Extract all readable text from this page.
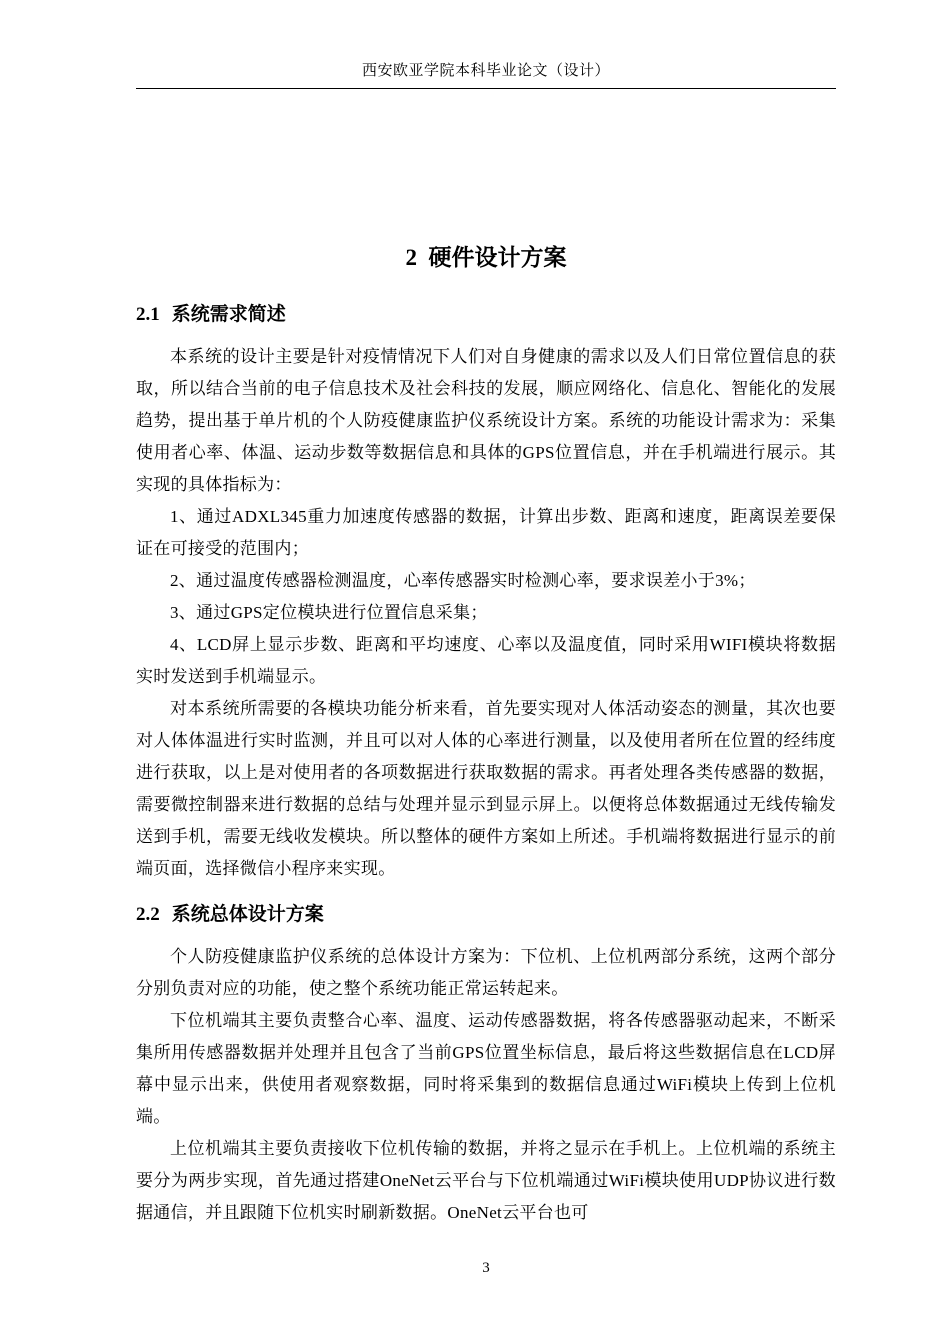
西安欧亚学院本科毕业论文（设计）
2 硬件设计方案
2.1 系统需求简述

本系统的设计主要是针对疫情情况下人们对自身健康的需求以及人们日常位置信息的获取，所以结合当前的电子信息技术及社会科技的发展，顺应网络化、信息化、智能化的发展趋势，提出基于单片机的个人防疫健康监护仪系统设计方案。系统的功能设计需求为：采集使用者心率、体温、运动步数等数据信息和具体的GPS位置信息，并在手机端进行展示。其实现的具体指标为：

1、通过ADXL345重力加速度传感器的数据，计算出步数、距离和速度，距离误差要保证在可接受的范围内；

2、通过温度传感器检测温度，心率传感器实时检测心率，要求误差小于3%；

3、通过GPS定位模块进行位置信息采集；

4、LCD屏上显示步数、距离和平均速度、心率以及温度值，同时采用WIFI模块将数据实时发送到手机端显示。

对本系统所需要的各模块功能分析来看，首先要实现对人体活动姿态的测量，其次也要对人体体温进行实时监测，并且可以对人体的心率进行测量，以及使用者所在位置的经纬度进行获取，以上是对使用者的各项数据进行获取数据的需求。再者处理各类传感器的数据，需要微控制器来进行数据的总结与处理并显示到显示屏上。以便将总体数据通过无线传输发送到手机，需要无线收发模块。所以整体的硬件方案如上所述。手机端将数据进行显示的前端页面，选择微信小程序来实现。

2.2 系统总体设计方案

个人防疫健康监护仪系统的总体设计方案为：下位机、上位机两部分系统，这两个部分分别负责对应的功能，使之整个系统功能正常运转起来。

下位机端其主要负责整合心率、温度、运动传感器数据，将各传感器驱动起来，不断采集所用传感器数据并处理并且包含了当前GPS位置坐标信息，最后将这些数据信息在LCD屏幕中显示出来，供使用者观察数据，同时将采集到的数据信息通过WiFi模块上传到上位机端。

上位机端其主要负责接收下位机传输的数据，并将之显示在手机上。上位机端的系统主要分为两步实现，首先通过搭建OneNet云平台与下位机端通过WiFi模块使用UDP协议进行数据通信，并且跟随下位机实时刷新数据。OneNet云平台也可

3
